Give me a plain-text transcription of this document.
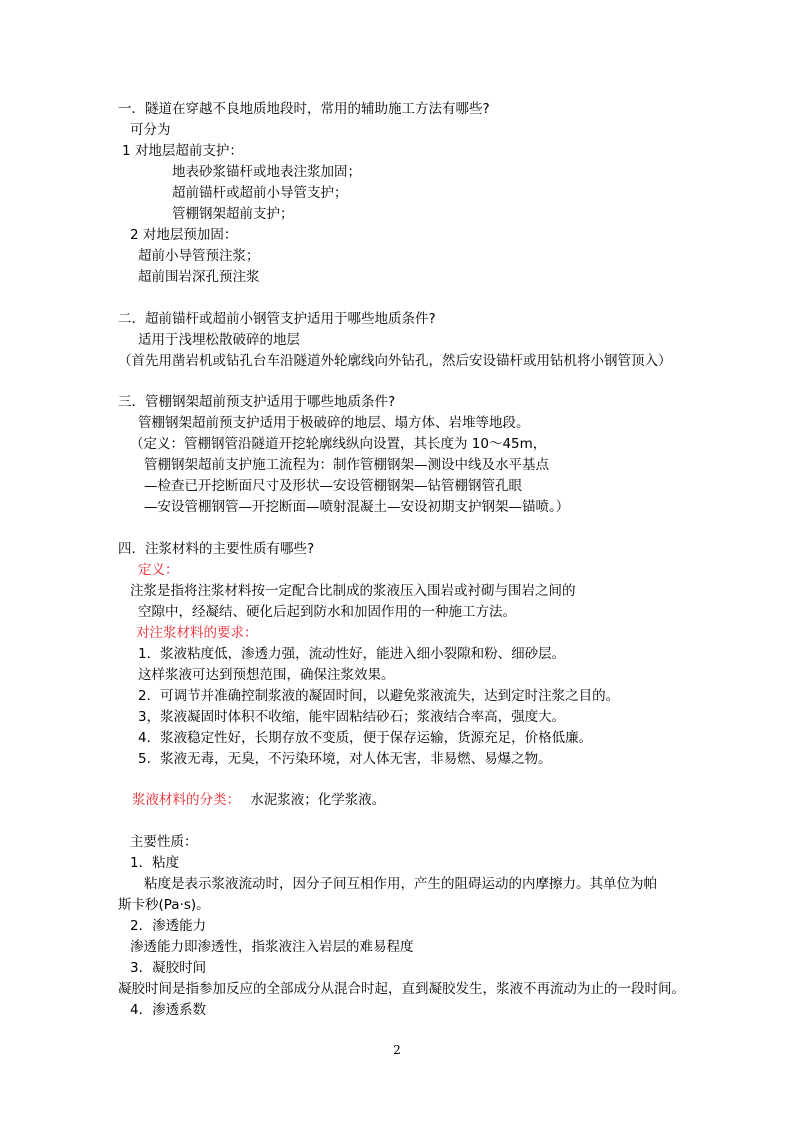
一．隧道在穿越不良地质地段时，常用的辅助施工方法有哪些?
可分为
1 对地层超前支护：
地表砂浆锚杆或地表注浆加固；
超前锚杆或超前小导管支护；
管棚钢架超前支护；
2 对地层预加固：
超前小导管预注浆；
超前围岩深孔预注浆
二．超前锚杆或超前小钢管支护适用于哪些地质条件?
适用于浅埋松散破碎的地层
（首先用凿岩机或钻孔台车沿隧道外轮廓线向外钻孔，然后安设锚杆或用钻机将小钢管顶入）
三．管棚钢架超前预支护适用于哪些地质条件?
管棚钢架超前预支护适用于极破碎的地层、塌方体、岩堆等地段。
（定义：管棚钢管沿隧道开挖轮廓线纵向设置，其长度为 10～45m，
管棚钢架超前支护施工流程为：制作管棚钢架—测设中线及水平基点
—检查已开挖断面尺寸及形状—安设管棚钢架—钻管棚钢管孔眼
—安设管棚钢管—开挖断面—喷射混凝土—安设初期支护钢架—锚喷。）
四．注浆材料的主要性质有哪些?
定义：
注浆是指将注浆材料按一定配合比制成的浆液压入围岩或衬砌与围岩之间的
空隙中，经凝结、硬化后起到防水和加固作用的一种施工方法。
对注浆材料的要求：
1．浆液粘度低，渗透力强，流动性好，能进入细小裂隙和粉、细砂层。
这样浆液可达到预想范围，确保注浆效果。
2．可调节并准确控制浆液的凝固时间，以避免浆液流失，达到定时注浆之目的。
3，浆液凝固时体积不收缩，能牢固粘结砂石；浆液结合率高，强度大。
4．浆液稳定性好，长期存放不变质，便于保存运输，货源充足，价格低廉。
5．浆液无毒，无臭，不污染环境，对人体无害，非易燃、易爆之物。
浆液材料的分类： 水泥浆液；化学浆液。
主要性质：
1．粘度
粘度是表示浆液流动时，因分子间互相作用，产生的阻碍运动的内摩擦力。其单位为帕
斯卡秒(Pa·s)。
2．渗透能力
渗透能力即渗透性，指浆液注入岩层的难易程度
3．凝胶时间
凝胶时间是指参加反应的全部成分从混合时起，直到凝胶发生，浆液不再流动为止的一段时间。
4．渗透系数
2
